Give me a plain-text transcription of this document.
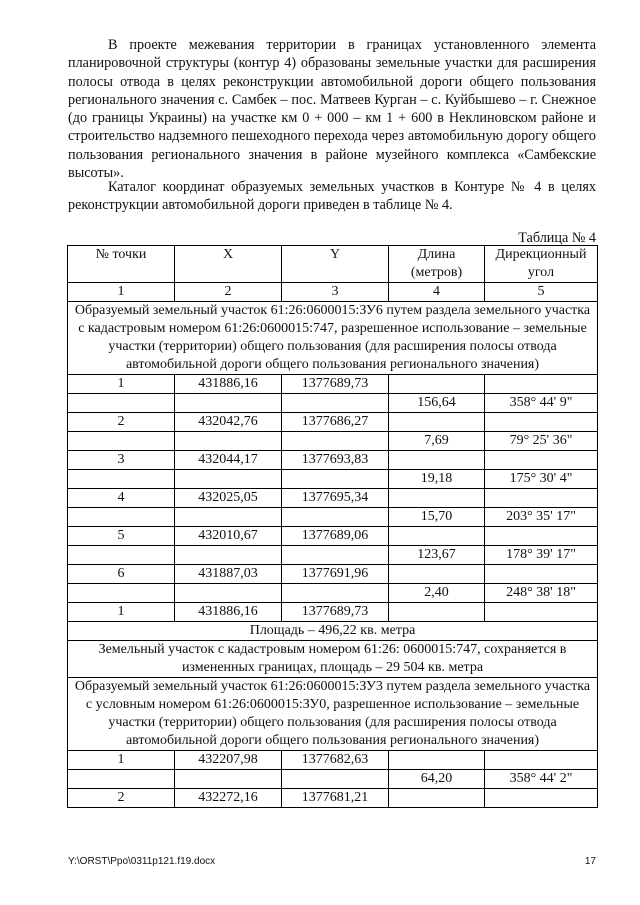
В проекте межевания территории в границах установленного элемента планировочной структуры (контур 4) образованы земельные участки для расширения полосы отвода в целях реконструкции автомобильной дороги общего пользования регионального значения с. Самбек – пос. Матвеев Курган – с. Куйбышево – г. Снежное (до границы Украины) на участке км 0 + 000 – км 1 + 600 в Неклиновском районе и строительство надземного пешеходного перехода через автомобильную дорогу общего пользования регионального значения в районе музейного комплекса «Самбекские высоты».

Каталог координат образуемых земельных участков в Контуре № 4 в целях реконструкции автомобильной дороги приведен в таблице № 4.

Таблица № 4
№ точки	X	Y	Длина (метров)	Дирекционный угол
1	2	3	4	5
Образуемый земельный участок 61:26:0600015:ЗУ6 путем раздела земельного участка с кадастровым номером 61:26:0600015:747, разрешенное использование – земельные участки (территории) общего пользования (для расширения полосы отвода автомобильной дороги общего пользования регионального значения)				
1	431886,16	1377689,73		
			156,64	358° 44' 9"
2	432042,76	1377686,27		
			7,69	79° 25' 36"
3	432044,17	1377693,83		
			19,18	175° 30' 4"
4	432025,05	1377695,34		
			15,70	203° 35' 17"
5	432010,67	1377689,06		
			123,67	178° 39' 17"
6	431887,03	1377691,96		
			2,40	248° 38' 18"
1	431886,16	1377689,73		
Площадь – 496,22 кв. метра				
Земельный участок с кадастровым номером 61:26: 0600015:747, сохраняется в измененных границах, площадь – 29 504 кв. метра				
Образуемый земельный участок 61:26:0600015:ЗУ3 путем раздела земельного участка с условным номером 61:26:0600015:ЗУ0, разрешенное использование – земельные участки (территории) общего пользования (для расширения полосы отвода автомобильной дороги общего пользования регионального значения)				
1	432207,98	1377682,63		
			64,20	358° 44' 2"
2	432272,16	1377681,21		
Y:\ORST\Ppo\0311p121.f19.docx	17
